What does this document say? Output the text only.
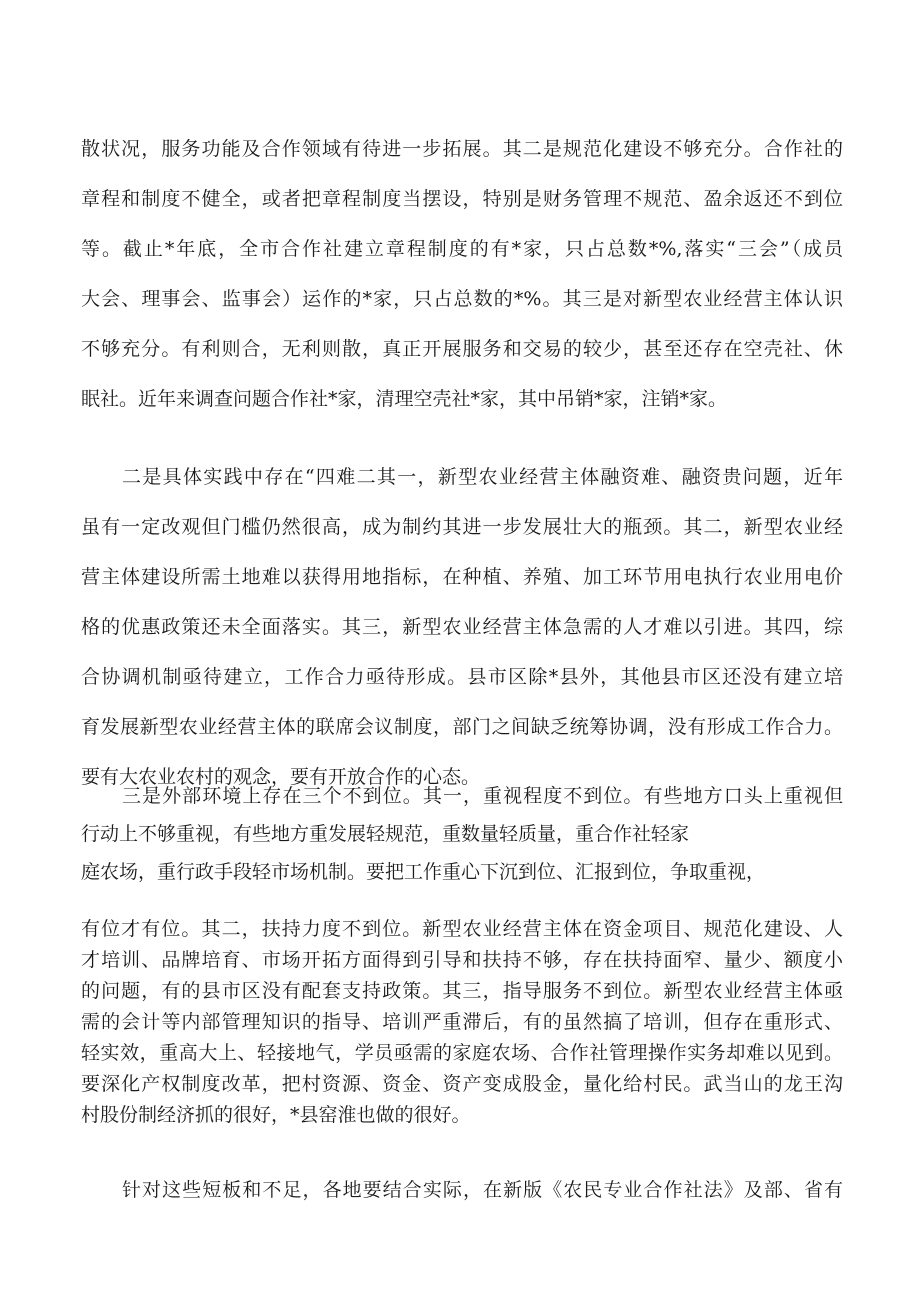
散状况，服务功能及合作领域有待进一步拓展。其二是规范化建设不够充分。合作社的
章程和制度不健全，或者把章程制度当摆设，特别是财务管理不规范、盈余返还不到位
等。截止*年底，全市合作社建立章程制度的有*家，只占总数*%,落实“三会”（成员
大会、理事会、监事会）运作的*家，只占总数的*%。其三是对新型农业经营主体认识
不够充分。有利则合，无利则散，真正开展服务和交易的较少，甚至还存在空壳社、休
眠社。近年来调查问题合作社*家，清理空壳社*家，其中吊销*家，注销*家。
二是具体实践中存在“四难二其一，新型农业经营主体融资难、融资贵问题，近年
虽有一定改观但门槛仍然很高，成为制约其进一步发展壮大的瓶颈。其二，新型农业经
营主体建设所需土地难以获得用地指标，在种植、养殖、加工环节用电执行农业用电价
格的优惠政策还未全面落实。其三，新型农业经营主体急需的人才难以引进。其四，综
合协调机制亟待建立，工作合力亟待形成。县市区除*县外，其他县市区还没有建立培
育发展新型农业经营主体的联席会议制度，部门之间缺乏统筹协调，没有形成工作合力。
要有大农业农村的观念，要有开放合作的心态。
三是外部环境上存在三个不到位。其一，重视程度不到位。有些地方口头上重视但
行动上不够重视，有些地方重发展轻规范，重数量轻质量，重合作社轻家
庭农场，重行政手段轻市场机制。要把工作重心下沉到位、汇报到位，争取重视，
有位才有位。其二，扶持力度不到位。新型农业经营主体在资金项目、规范化建设、人
才培训、品牌培育、市场开拓方面得到引导和扶持不够，存在扶持面窄、量少、额度小
的问题，有的县市区没有配套支持政策。其三，指导服务不到位。新型农业经营主体亟
需的会计等内部管理知识的指导、培训严重滞后，有的虽然搞了培训，但存在重形式、
轻实效，重高大上、轻接地气，学员亟需的家庭农场、合作社管理操作实务却难以见到。
要深化产权制度改革，把村资源、资金、资产变成股金，量化给村民。武当山的龙王沟
村股份制经济抓的很好，*县窑淮也做的很好。
针对这些短板和不足，各地要结合实际，在新版《农民专业合作社法》及部、省有
